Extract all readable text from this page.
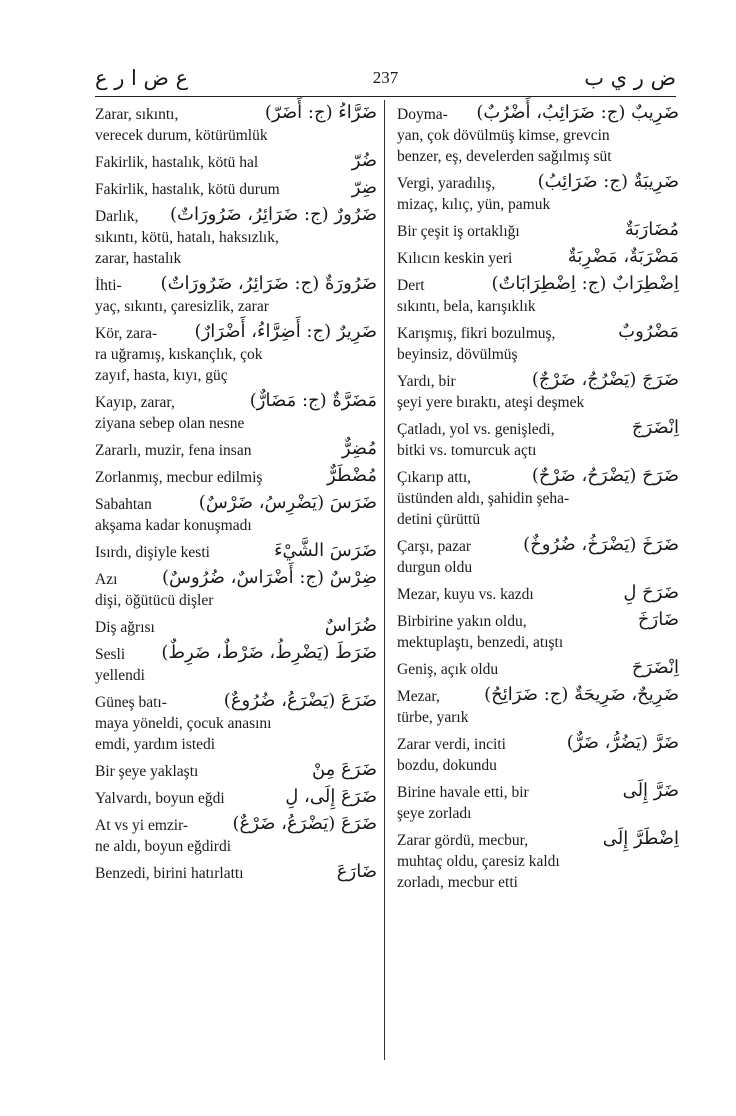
ع ض ا ر ع	237	ض ر ي ب
ضَرَّاءُ (ج: أَضَرّ)
Zarar, sıkıntı,
verecek durum, kötürümlük
ضُرّ
Fakirlik, hastalık, kötü hal
ضِرّ
Fakirlik, hastalık, kötü durum
ضَرُورٌ (ج: ضَرَائِرُ، ضَرُورَاتٌ)
Darlık,
sıkıntı, kötü, hatalı, haksızlık,
zarar, hastalık
ضَرُورَةٌ (ج: ضَرَائِرُ، ضَرُورَاتٌ)
İhti-
yaç, sıkıntı, çaresizlik, zarar
ضَرِيرٌ (ج: أَضِرَّاءُ، أَضْرَارٌ)
Kör, zara-
ra uğramış, kıskançlık, çok
zayıf, hasta, kıyı, güç
مَضَرَّةٌ (ج: مَضَارٌّ)
Kayıp, zarar,
ziyana sebep olan nesne
مُضِرٌّ
Zararlı, muzir, fena insan
مُضْطَرٌّ
Zorlanmış, mecbur edilmiş
ضَرَسَ (يَضْرِسُ، ضَرْسٌ)
Sabahtan
akşama kadar konuşmadı
ضَرَسَ الشَّيْءَ
Isırdı, dişiyle kesti
ضِرْسٌ (ج: أَضْرَاسٌ، ضُرُوسٌ)
Azı
dişi, öğütücü dişler
ضُرَاسٌ
Diş ağrısı
ضَرَطَ (يَضْرِطُ، ضَرْطٌ، ضَرِطٌ)
Sesli
yellendi
ضَرَعَ (يَضْرَعُ، ضُرُوعٌ)
Güneş batı-
maya yöneldi, çocuk anasını
emdi, yardım istedi
ضَرَعَ مِنْ
Bir şeye yaklaştı
ضَرَعَ إِلَى، لِ
Yalvardı, boyun eğdi
ضَرَعَ (يَضْرَعُ، ضَرْعٌ)
At vs yi emzir-
ne aldı, boyun eğdirdi
ضَارَعَ
Benzedi, birini hatırlattı
ضَرِيبٌ (ج: ضَرَائِبُ، أَضْرُبٌ)
Doyma-
yan, çok dövülmüş kimse, grevcin
benzer, eş, develerden sağılmış süt
ضَرِيبَةٌ (ج: ضَرَائِبُ)
Vergi, yaradılış,
mizaç, kılıç, yün, pamuk
مُضَارَبَةٌ
Bir çeşit iş ortaklığı
مَضْرَبَةٌ، مَضْرِبَةٌ
Kılıcın keskin yeri
اِضْطِرَابٌ (ج: اِضْطِرَابَاتٌ)
Dert
sıkıntı, bela, karışıklık
مَضْرُوبٌ
Karışmış, fikri bozulmuş,
beyinsiz, dövülmüş
ضَرَجَ (يَضْرُجُ، ضَرْجٌ)
Yardı, bir
şeyi yere bıraktı, ateşi deşmek
اِنْضَرَجَ
Çatladı, yol vs. genişledi,
bitki vs. tomurcuk açtı
ضَرَحَ (يَضْرَحُ، ضَرْحٌ)
Çıkarıp attı,
üstünden aldı, şahidin şeha-
detini çürüttü
ضَرَخَ (يَضْرَخُ، ضُرُوخٌ)
Çarşı, pazar
durgun oldu
ضَرَحَ لِ
Mezar, kuyu vs. kazdı
ضَارَخَ
Birbirine yakın oldu,
mektuplaştı, benzedi, atıştı
اِنْضَرَحَ
Geniş, açık oldu
ضَرِيحٌ، ضَرِيحَةٌ (ج: ضَرَائِحُ)
Mezar,
türbe, yarık
ضَرَّ (يَضُرُّ، ضَرٌّ)
Zarar verdi, inciti
bozdu, dokundu
ضَرَّ إِلَى
Birine havale etti, bir
şeye zorladı
اِضْطَرَّ إِلَى
Zarar gördü, mecbur,
muhtaç oldu, çaresiz kaldı
zorladı, mecbur etti
